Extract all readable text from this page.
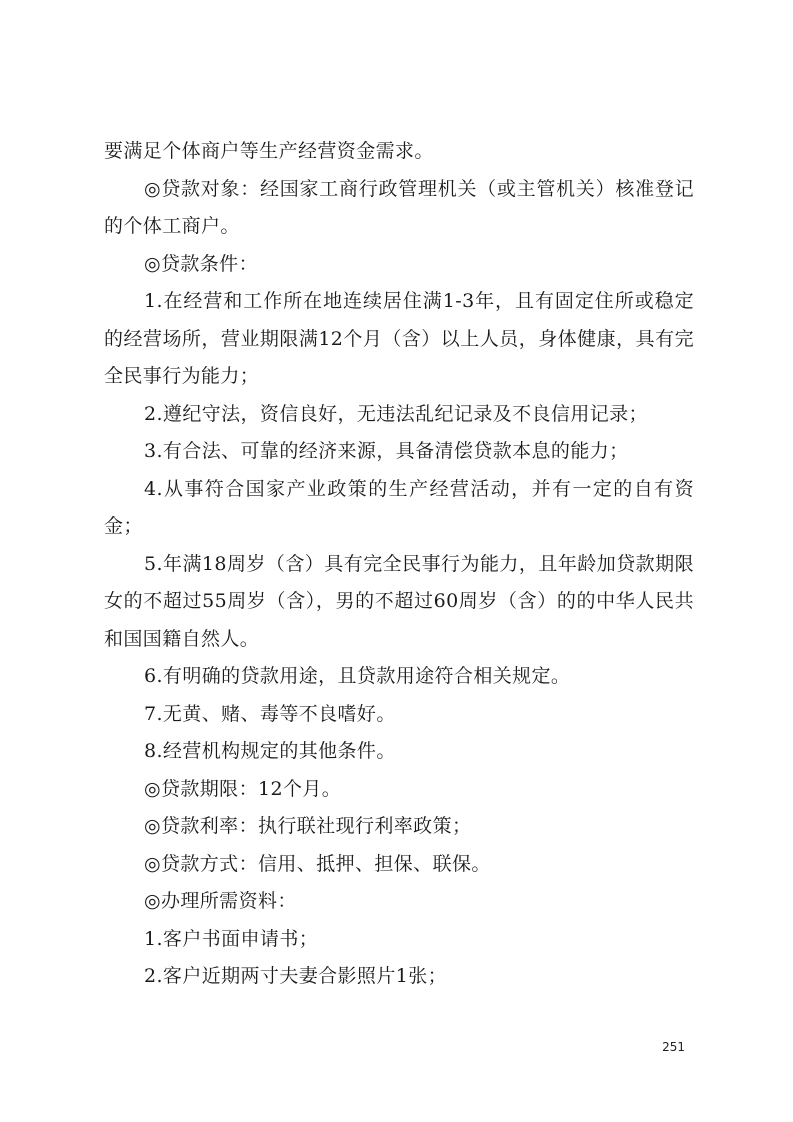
要满足个体商户等生产经营资金需求。

◎贷款对象：经国家工商行政管理机关（或主管机关）核准登记的个体工商户。

◎贷款条件：

1.在经营和工作所在地连续居住满1-3年，且有固定住所或稳定的经营场所，营业期限满12个月（含）以上人员，身体健康，具有完全民事行为能力；

2.遵纪守法，资信良好，无违法乱纪记录及不良信用记录；

3.有合法、可靠的经济来源，具备清偿贷款本息的能力；

4.从事符合国家产业政策的生产经营活动，并有一定的自有资金；

5.年满18周岁（含）具有完全民事行为能力，且年龄加贷款期限女的不超过55周岁（含），男的不超过60周岁（含）的的中华人民共和国国籍自然人。

6.有明确的贷款用途，且贷款用途符合相关规定。

7.无黄、赌、毒等不良嗜好。

8.经营机构规定的其他条件。

◎贷款期限：12个月。

◎贷款利率：执行联社现行利率政策；

◎贷款方式：信用、抵押、担保、联保。

◎办理所需资料：

1.客户书面申请书；

2.客户近期两寸夫妻合影照片1张；

251
